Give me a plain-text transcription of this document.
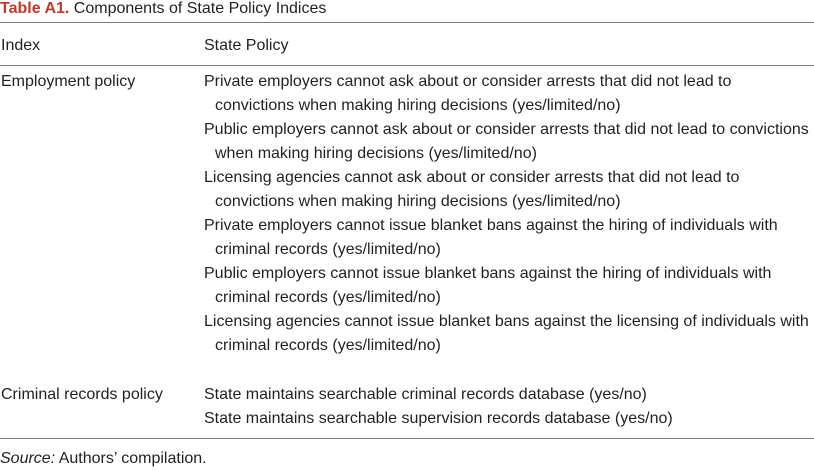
Table A1. Components of State Policy Indices
Index	State Policy
Employment policy	Private employers cannot ask about or consider arrests that did not lead to convictions when making hiring decisions (yes/limited/no)
Public employers cannot ask about or consider arrests that did not lead to convictions when making hiring decisions (yes/limited/no)
Licensing agencies cannot ask about or consider arrests that did not lead to convictions when making hiring decisions (yes/limited/no)
Private employers cannot issue blanket bans against the hiring of individuals with criminal records (yes/limited/no)
Public employers cannot issue blanket bans against the hiring of individuals with criminal records (yes/limited/no)
Licensing agencies cannot issue blanket bans against the licensing of individuals with criminal records (yes/limited/no)
Criminal records policy	State maintains searchable criminal records database (yes/no)
State maintains searchable supervision records database (yes/no)
Source: Authors’ compilation.
